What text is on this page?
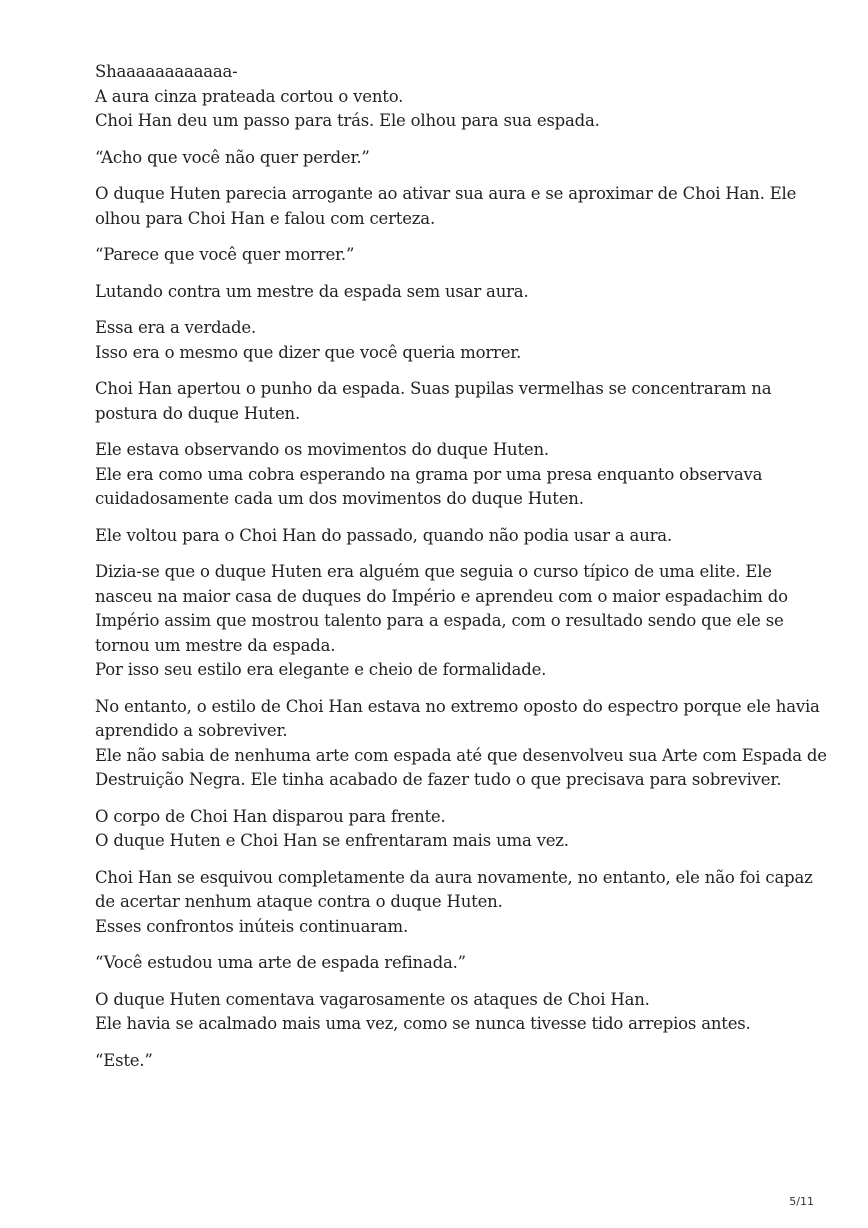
Shaaaaaaaaaaaa-
A aura cinza prateada cortou o vento.
Choi Han deu um passo para trás. Ele olhou para sua espada.
“Acho que você não quer perder.”
O duque Huten parecia arrogante ao ativar sua aura e se aproximar de Choi Han. Ele
olhou para Choi Han e falou com certeza.
“Parece que você quer morrer.”
Lutando contra um mestre da espada sem usar aura.
Essa era a verdade.
Isso era o mesmo que dizer que você queria morrer.
Choi Han apertou o punho da espada. Suas pupilas vermelhas se concentraram na
postura do duque Huten.
Ele estava observando os movimentos do duque Huten.
Ele era como uma cobra esperando na grama por uma presa enquanto observava
cuidadosamente cada um dos movimentos do duque Huten.
Ele voltou para o Choi Han do passado, quando não podia usar a aura.
Dizia-se que o duque Huten era alguém que seguia o curso típico de uma elite. Ele
nasceu na maior casa de duques do Império e aprendeu com o maior espadachim do
Império assim que mostrou talento para a espada, com o resultado sendo que ele se
tornou um mestre da espada.
Por isso seu estilo era elegante e cheio de formalidade.
No entanto, o estilo de Choi Han estava no extremo oposto do espectro porque ele havia
aprendido a sobreviver.
Ele não sabia de nenhuma arte com espada até que desenvolveu sua Arte com Espada de
Destruição Negra. Ele tinha acabado de fazer tudo o que precisava para sobreviver.
O corpo de Choi Han disparou para frente.
O duque Huten e Choi Han se enfrentaram mais uma vez.
Choi Han se esquivou completamente da aura novamente, no entanto, ele não foi capaz
de acertar nenhum ataque contra o duque Huten.
Esses confrontos inúteis continuaram.
“Você estudou uma arte de espada refinada.”
O duque Huten comentava vagarosamente os ataques de Choi Han.
Ele havia se acalmado mais uma vez, como se nunca tivesse tido arrepios antes.
“Este.”
5/11
